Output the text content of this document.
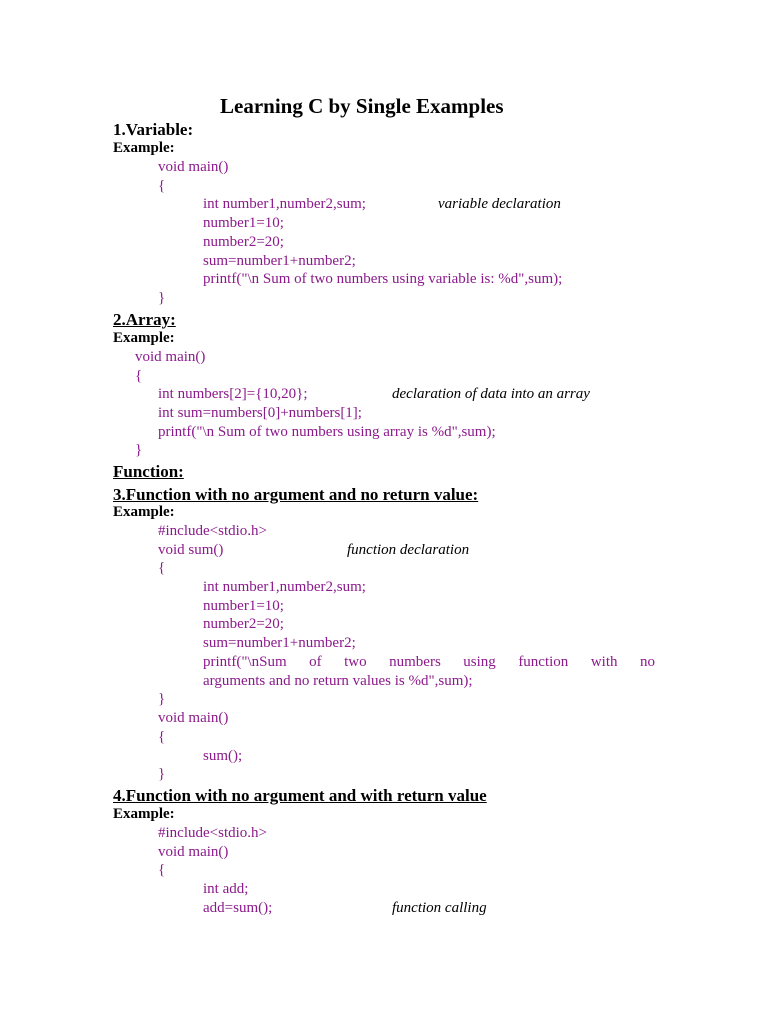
Learning C by Single Examples
1.Variable:
Example:
void main()
{
int number1,number2,sum;	variable declaration
number1=10;
number2=20;
sum=number1+number2;
printf("\n Sum of two numbers using variable is: %d",sum);
}
2.Array:
Example:
void main()
{
int numbers[2]={10,20};	declaration of data into an array
int sum=numbers[0]+numbers[1];
printf("\n Sum of two numbers using array is %d",sum);
}
Function:
3.Function with no argument and no return value:
Example:
#include<stdio.h>
void sum()	function declaration
{
int number1,number2,sum;
number1=10;
number2=20;
sum=number1+number2;
printf("\nSum of two numbers using function with no
arguments and no return values is %d",sum);
}
void main()
{
sum();
}
4.Function with no argument and with return value
Example:
#include<stdio.h>
void main()
{
int add;
add=sum();	function calling
